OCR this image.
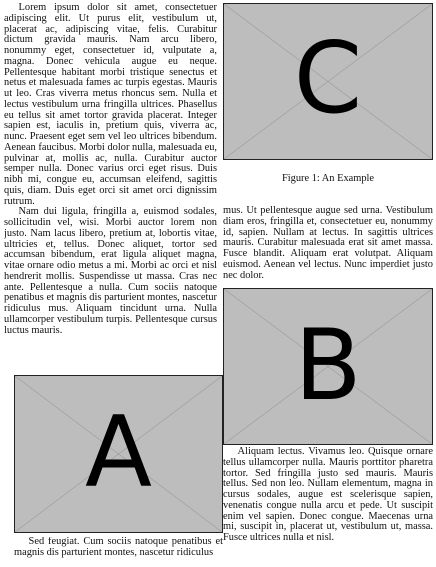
Lorem ipsum dolor sit amet, consectetuer adipiscing elit. Ut purus elit, vestibulum ut, placerat ac, adipiscing vitae, felis. Curabitur dictum gravida mauris. Nam arcu libero, nonummy eget, consectetuer id, vulputate a, magna. Donec vehicula augue eu neque. Pellentesque habitant morbi tristique senectus et netus et malesuada fames ac turpis egestas. Mauris ut leo. Cras viverra metus rhoncus sem. Nulla et lectus vestibulum urna fringilla ultrices. Phasellus eu tellus sit amet tortor gravida placerat. Integer sapien est, iaculis in, pretium quis, viverra ac, nunc. Praesent eget sem vel leo ultrices bibendum. Aenean faucibus. Morbi dolor nulla, malesuada eu, pulvinar at, mollis ac, nulla. Curabitur auctor semper nulla. Donec varius orci eget risus. Duis nibh mi, congue eu, accumsan eleifend, sagittis quis, diam. Duis eget orci sit amet orci dignissim rutrum.

Nam dui ligula, fringilla a, euismod sodales, sollicitudin vel, wisi. Morbi auctor lorem non justo. Nam lacus libero, pretium at, lobortis vitae, ultricies et, tellus. Donec aliquet, tortor sed accumsan bibendum, erat ligula aliquet magna, vitae ornare odio metus a mi. Morbi ac orci et nisl hendrerit mollis. Suspendisse ut massa. Cras nec ante. Pellentesque a nulla. Cum sociis natoque penatibus et magnis dis parturient montes, nascetur ridiculus mus. Aliquam tincidunt urna. Nulla ullamcorper vestibulum turpis. Pellentesque cursus luctus mauris.

C
Figure 1: An Example

mus. Ut pellentesque augue sed urna. Vestibulum diam eros, fringilla et, consectetuer eu, nonummy id, sapien. Nullam at lectus. In sagittis ultrices mauris. Curabitur malesuada erat sit amet massa. Fusce blandit. Aliquam erat volutpat. Aliquam euismod. Aenean vel lectus. Nunc imperdiet justo nec dolor.

B

Aliquam lectus. Vivamus leo. Quisque ornare tellus ullamcorper nulla. Mauris porttitor pharetra tortor. Sed fringilla justo sed mauris. Mauris tellus. Sed non leo. Nullam elementum, magna in cursus sodales, augue est scelerisque sapien, venenatis congue nulla arcu et pede. Ut suscipit enim vel sapien. Donec congue. Maecenas urna mi, suscipit in, placerat ut, vestibulum ut, massa. Fusce ultrices nulla et nisl.

A

Sed feugiat. Cum sociis natoque penatibus et magnis dis parturient montes, nascetur ridiculus
